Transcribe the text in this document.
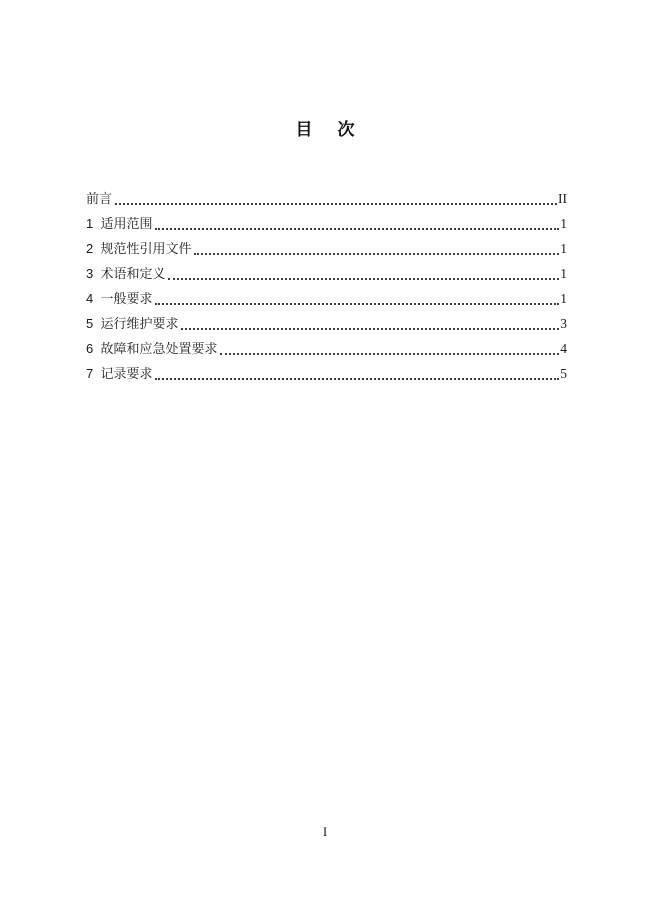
目 次
前言	II
1  适用范围	1
2  规范性引用文件	1
3  术语和定义	1
4  一般要求	1
5  运行维护要求	3
6  故障和应急处置要求	4
7  记录要求	5
I
